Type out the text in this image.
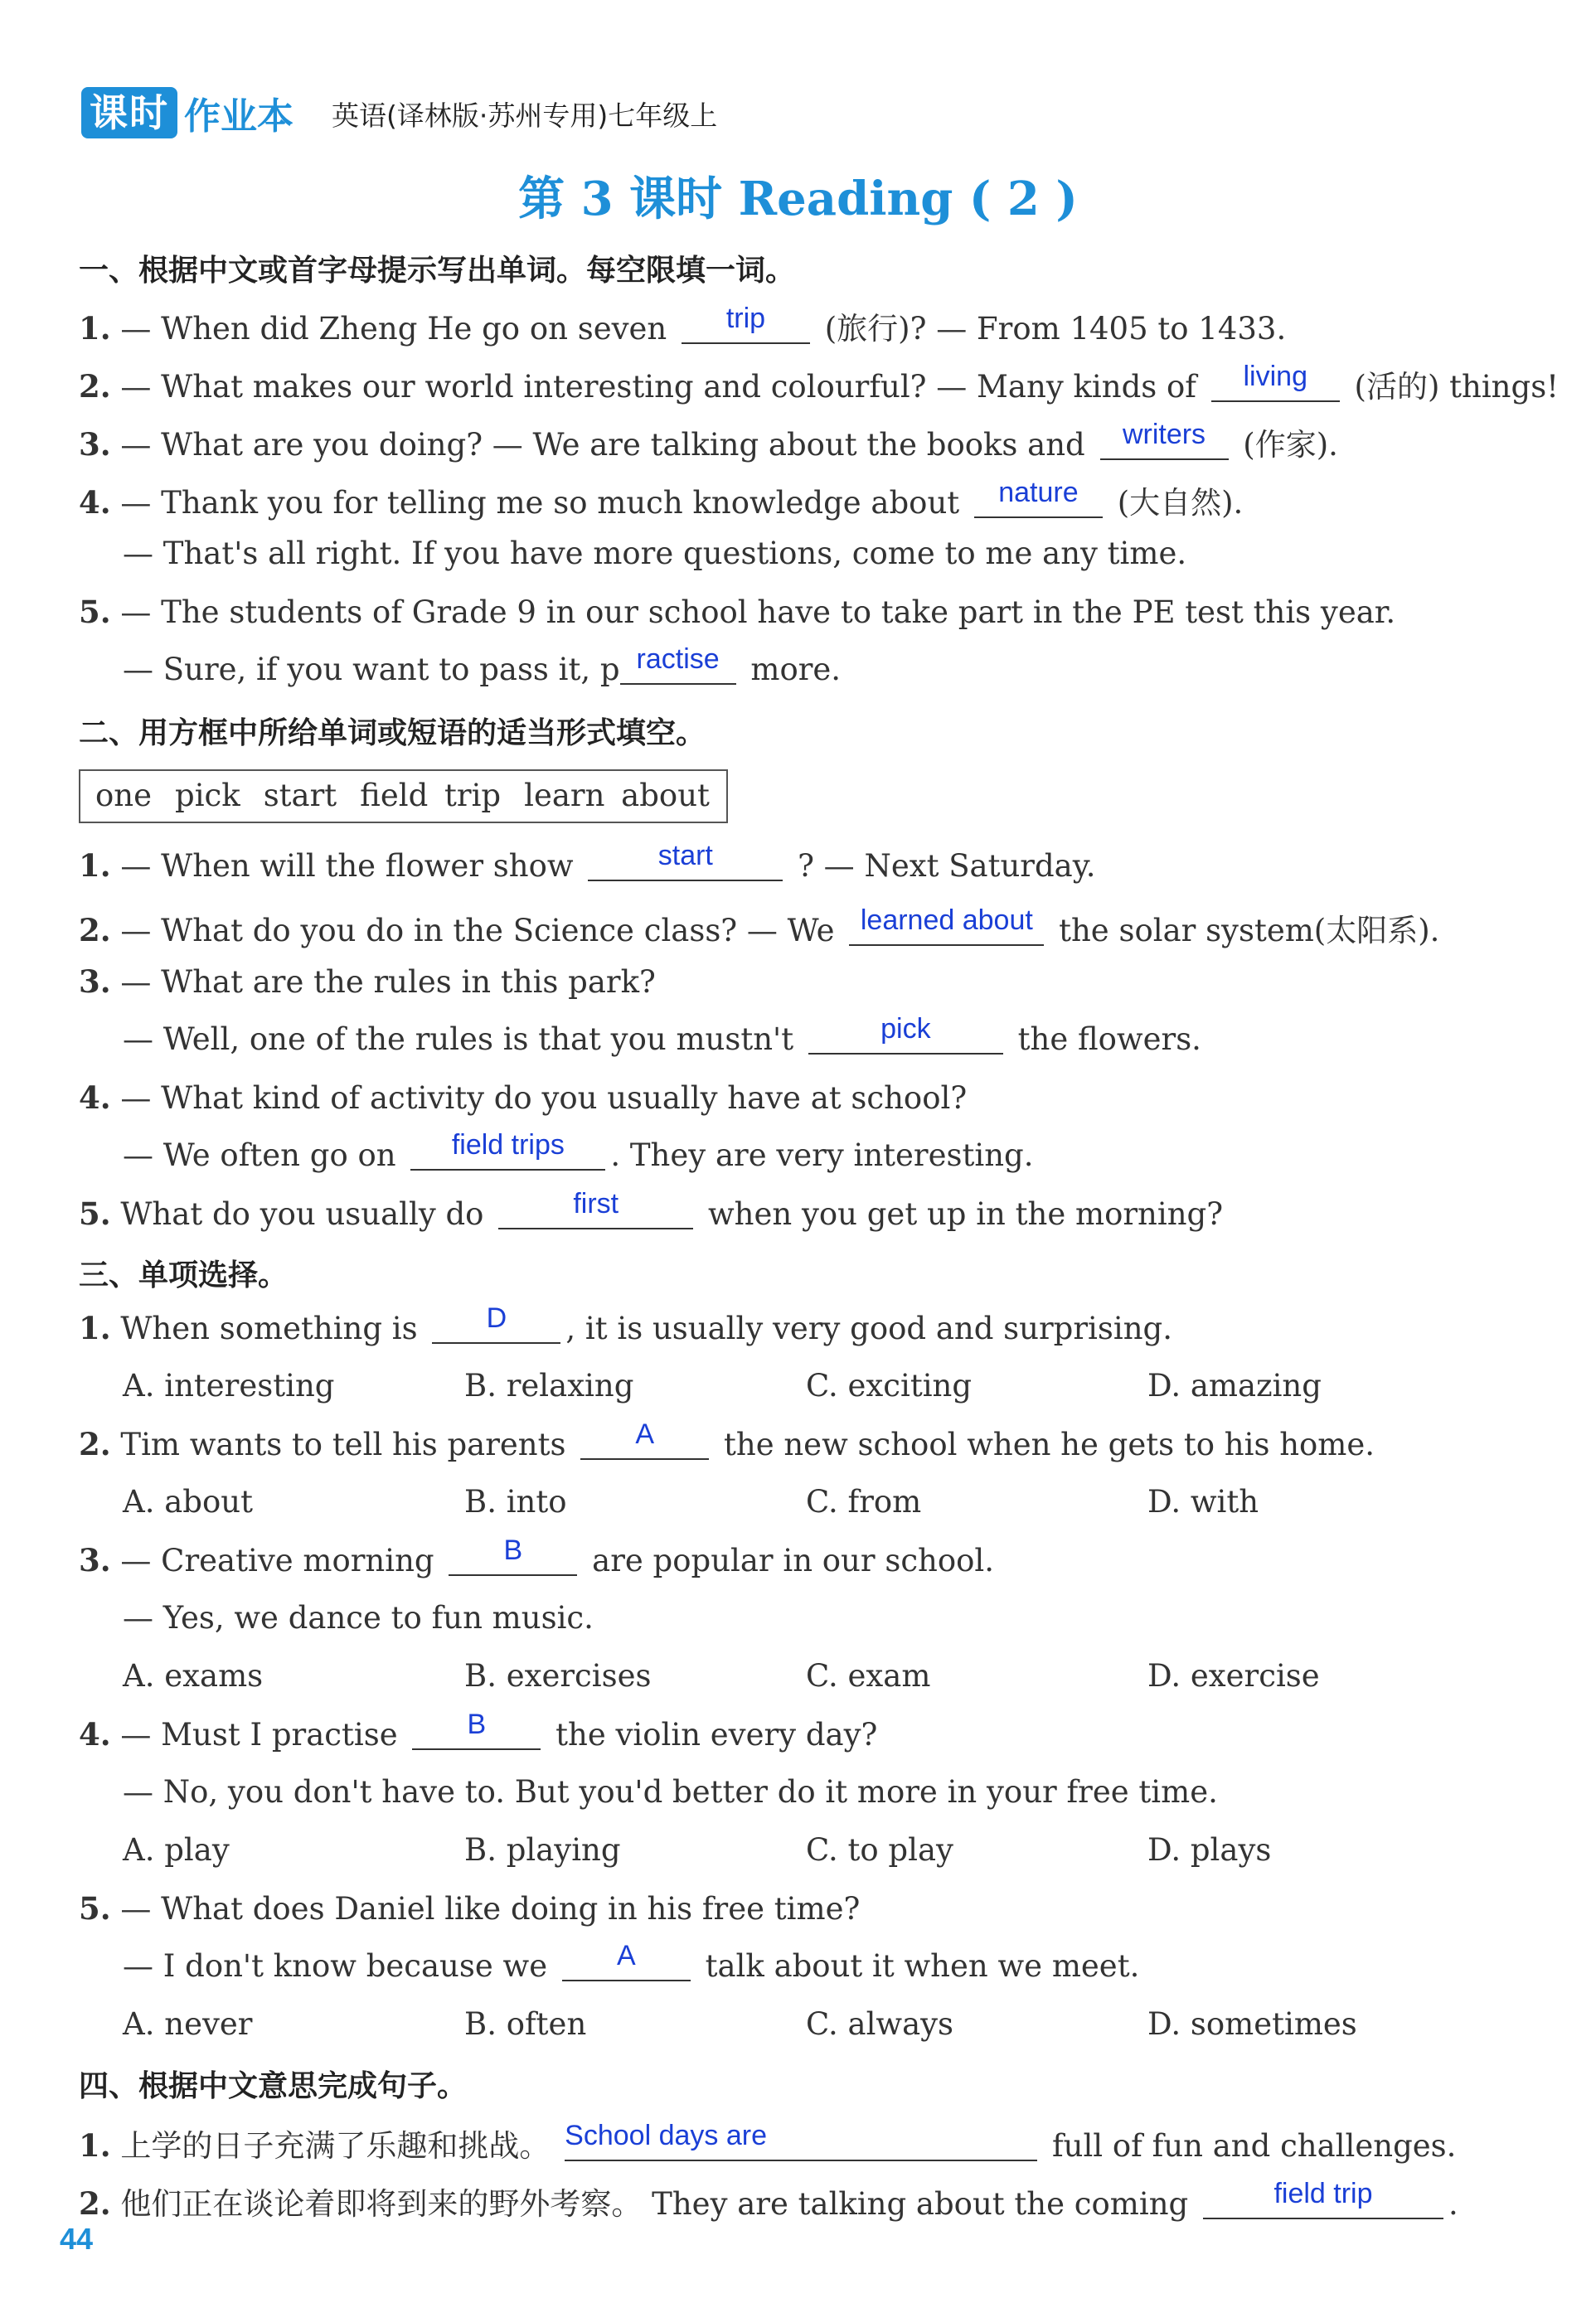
课时 作业本 英语(译林版·苏州专用)七年级上
第 3 课时 Reading ( 2 )
一、根据中文或首字母提示写出单词。每空限填一词。
1. — When did Zheng He go on seven trip (旅行)? — From 1405 to 1433.
2. — What makes our world interesting and colourful? — Many kinds of living (活的) things!
3. — What are you doing? — We are talking about the books and writers (作家).
4. — Thank you for telling me so much knowledge about nature (大自然).
— That's all right. If you have more questions, come to me any time.
5. — The students of Grade 9 in our school have to take part in the PE test this year.
— Sure, if you want to pass it, p ractise more.
二、用方框中所给单词或短语的适当形式填空。
one pick start field trip learn about
1. — When will the flower show	start	? — Next Saturday.
2. — What do you do in the Science class? — We learned about the solar system(太阳系).
3. — What are the rules in this park?
— Well, one of the rules is that you mustn't	pick	the flowers.
4. — What kind of activity do you usually have at school?
— We often go on field trips . They are very interesting.
5. What do you usually do	first	when you get up in the morning?
三、单项选择。
1. When something is D , it is usually very good and surprising.
A. interesting	B. relaxing	C. exciting	D. amazing
2. Tim wants to tell his parents A the new school when he gets to his home.
A. about	B. into	C. from	D. with
3. — Creative morning B are popular in our school.
— Yes, we dance to fun music.
A. exams	B. exercises	C. exam	D. exercise
4. — Must I practise B the violin every day?
— No, you don't have to. But you'd better do it more in your free time.
A. play	B. playing	C. to play	D. plays
5. — What does Daniel like doing in his free time?
— I don't know because we A talk about it when we meet.
A. never	B. often	C. always	D. sometimes
四、根据中文意思完成句子。
1. 上学的日子充满了乐趣和挑战。 School days are	full of fun and challenges.
2. 他们正在谈论着即将到来的野外考察。 They are talking about the coming	field trip .
44
